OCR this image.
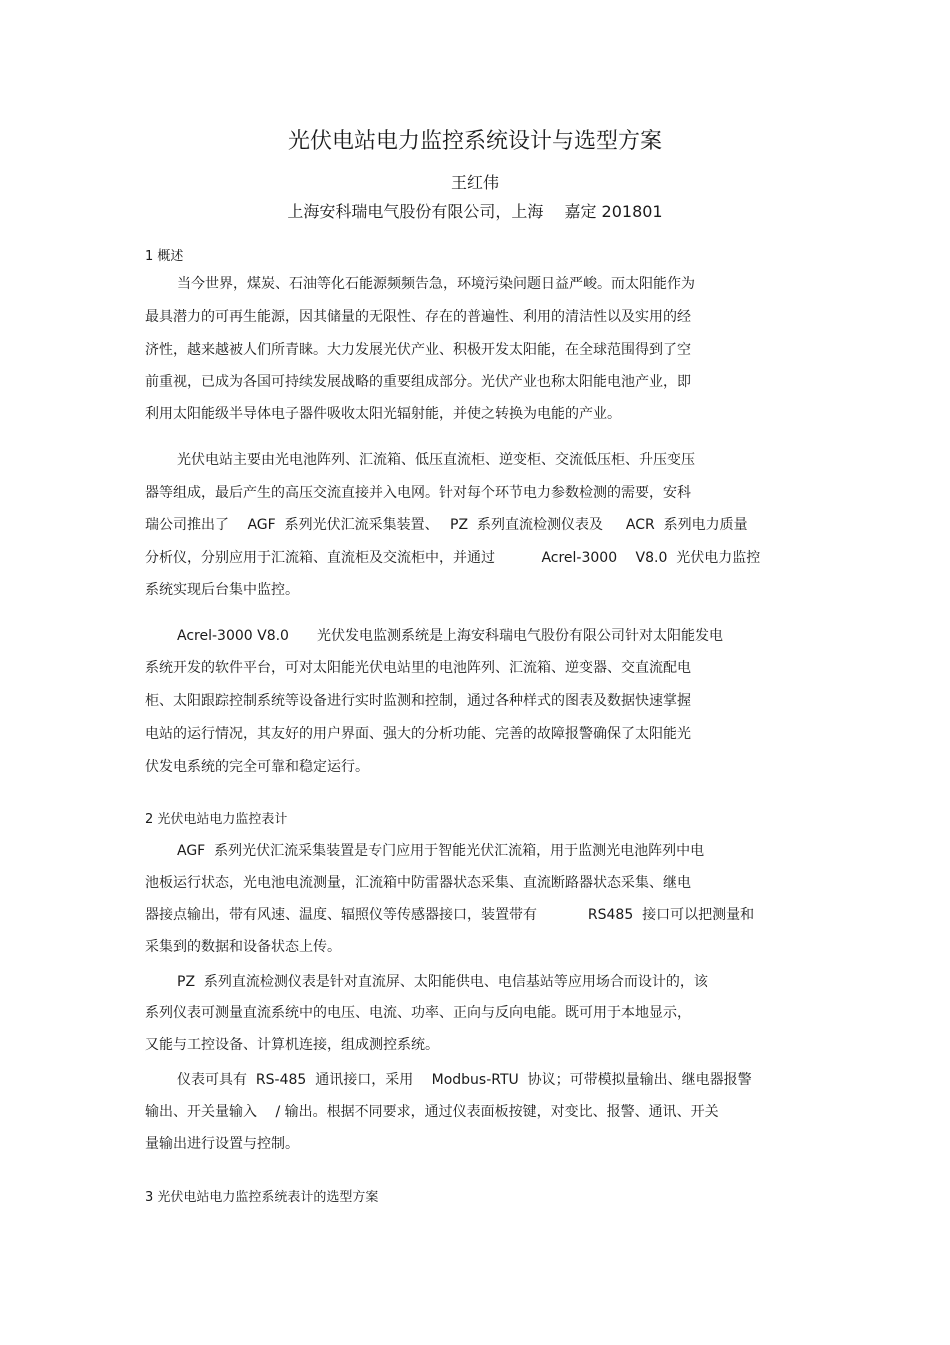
光伏电站电力监控系统设计与选型方案
王红伟
上海安科瑞电气股份有限公司，上海　 嘉定 201801
1 概述
当今世界，煤炭、石油等化石能源频频告急，环境污染问题日益严峻。而太阳能作为
最具潜力的可再生能源，因其储量的无限性、存在的普遍性、利用的清洁性以及实用的经
济性，越来越被人们所青睐。大力发展光伏产业、积极开发太阳能，在全球范围得到了空
前重视，已成为各国可持续发展战略的重要组成部分。光伏产业也称太阳能电池产业，即
利用太阳能级半导体电子器件吸收太阳光辐射能，并使之转换为电能的产业。
光伏电站主要由光电池阵列、汇流箱、低压直流柜、逆变柜、交流低压柜、升压变压
器等组成，最后产生的高压交流直接并入电网。针对每个环节电力参数检测的需要，安科
瑞公司推出了　 AGF  系列光伏汇流采集装置、　 PZ  系列直流检测仪表及　  ACR  系列电力质量
分析仪，分别应用于汇流箱、直流柜及交流柜中，并通过　　　 Acrel-3000　 V8.0  光伏电力监控
系统实现后台集中监控。
Acrel-3000 V8.0　　光伏发电监测系统是上海安科瑞电气股份有限公司针对太阳能发电
系统开发的软件平台，可对太阳能光伏电站里的电池阵列、汇流箱、逆变器、交直流配电
柜、太阳跟踪控制系统等设备进行实时监测和控制，通过各种样式的图表及数据快速掌握
电站的运行情况，其友好的用户界面、强大的分析功能、完善的故障报警确保了太阳能光
伏发电系统的完全可靠和稳定运行。
2 光伏电站电力监控表计
AGF  系列光伏汇流采集装置是专门应用于智能光伏汇流箱，用于监测光电池阵列中电
池板运行状态，光电池电流测量，汇流箱中防雷器状态采集、直流断路器状态采集、继电
器接点输出，带有风速、温度、辐照仪等传感器接口，装置带有　　　  RS485  接口可以把测量和
采集到的数据和设备状态上传。
PZ  系列直流检测仪表是针对直流屏、太阳能供电、电信基站等应用场合而设计的，该
系列仪表可测量直流系统中的电压、电流、功率、正向与反向电能。既可用于本地显示，
又能与工控设备、计算机连接，组成测控系统。
仪表可具有  RS-485  通讯接口，采用　 Modbus-RTU  协议；可带模拟量输出、继电器报警
输出、开关量输入　 / 输出。根据不同要求，通过仪表面板按键，对变比、报警、通讯、开关
量输出进行设置与控制。
3 光伏电站电力监控系统表计的选型方案
